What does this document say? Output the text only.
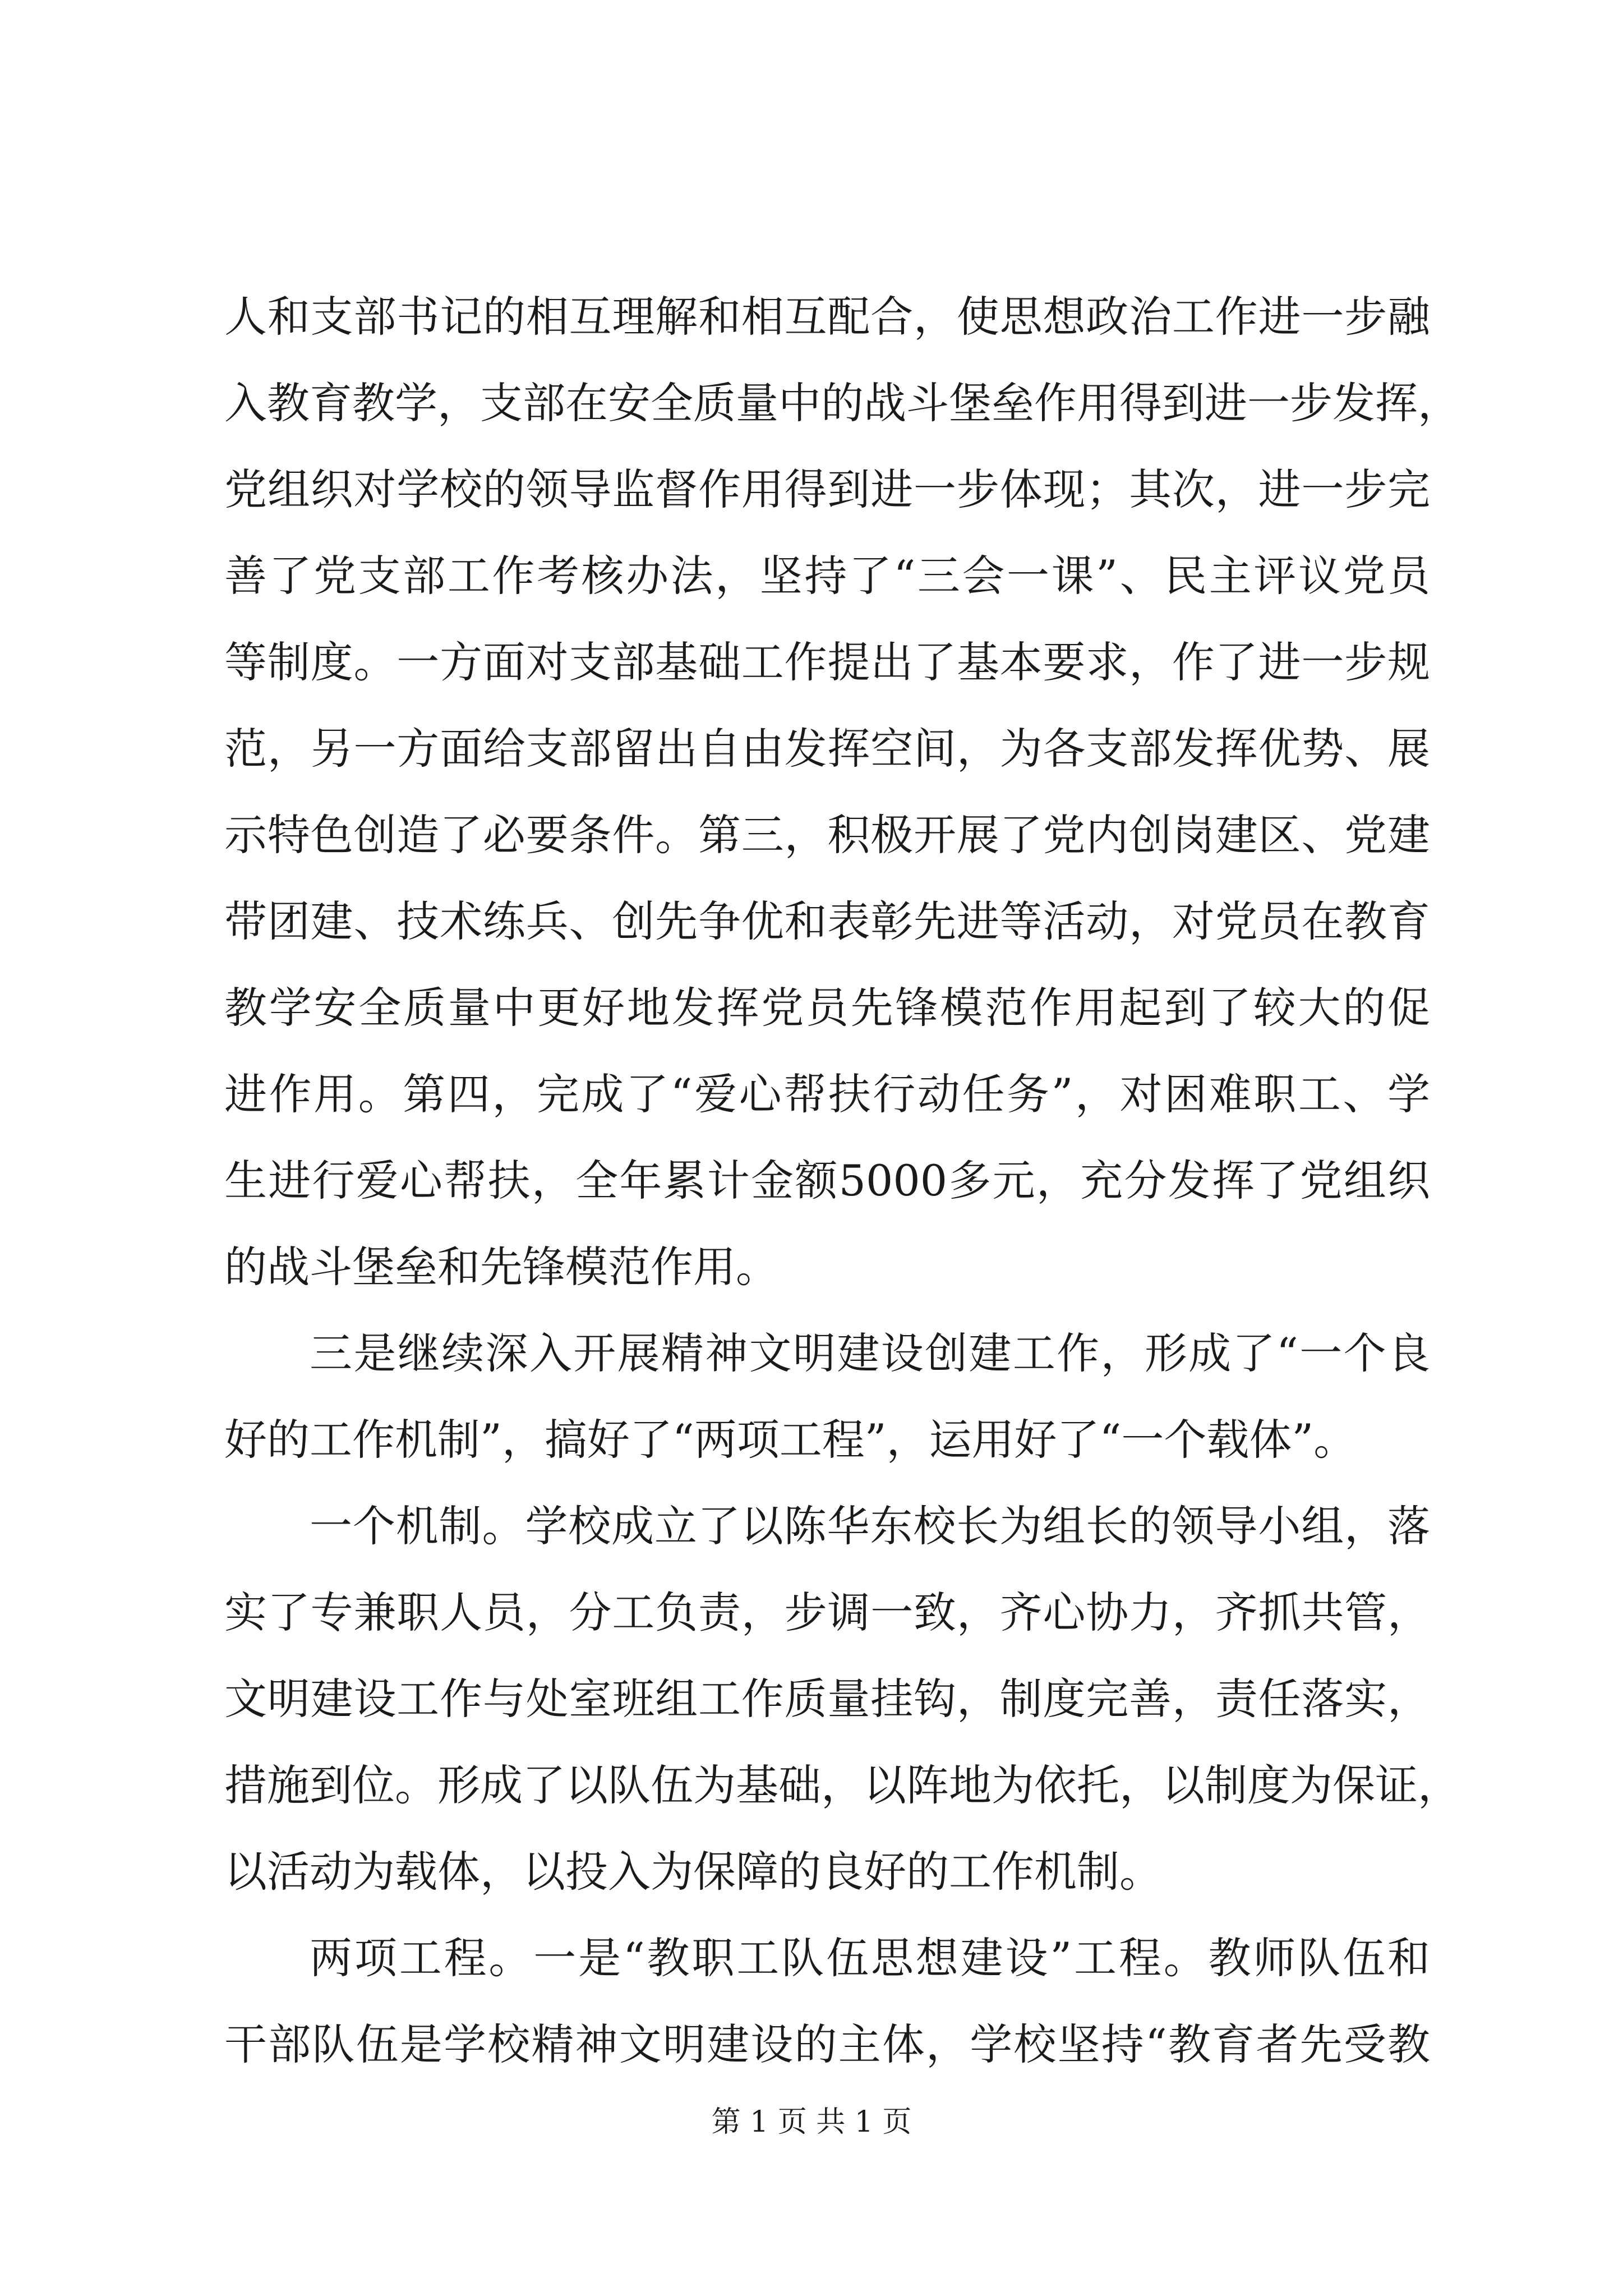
人和支部书记的相互理解和相互配合，使思想政治工作进一步融
入教育教学，支部在安全质量中的战斗堡垒作用得到进一步发挥，
党组织对学校的领导监督作用得到进一步体现；其次，进一步完
善了党支部工作考核办法，坚持了“三会一课”、民主评议党员
等制度。一方面对支部基础工作提出了基本要求，作了进一步规
范，另一方面给支部留出自由发挥空间，为各支部发挥优势、展
示特色创造了必要条件。第三，积极开展了党内创岗建区、党建
带团建、技术练兵、创先争优和表彰先进等活动，对党员在教育
教学安全质量中更好地发挥党员先锋模范作用起到了较大的促
进作用。第四，完成了“爱心帮扶行动任务”，对困难职工、学
生进行爱心帮扶，全年累计金额5000多元，充分发挥了党组织
的战斗堡垒和先锋模范作用。
三是继续深入开展精神文明建设创建工作，形成了“一个良
好的工作机制”，搞好了“两项工程”，运用好了“一个载体”。
一个机制。学校成立了以陈华东校长为组长的领导小组，落
实了专兼职人员，分工负责，步调一致，齐心协力，齐抓共管，
文明建设工作与处室班组工作质量挂钩，制度完善，责任落实，
措施到位。形成了以队伍为基础，以阵地为依托，以制度为保证，
以活动为载体，以投入为保障的良好的工作机制。
两项工程。一是“教职工队伍思想建设”工程。教师队伍和
干部队伍是学校精神文明建设的主体，学校坚持“教育者先受教
第 1 页 共 1 页
